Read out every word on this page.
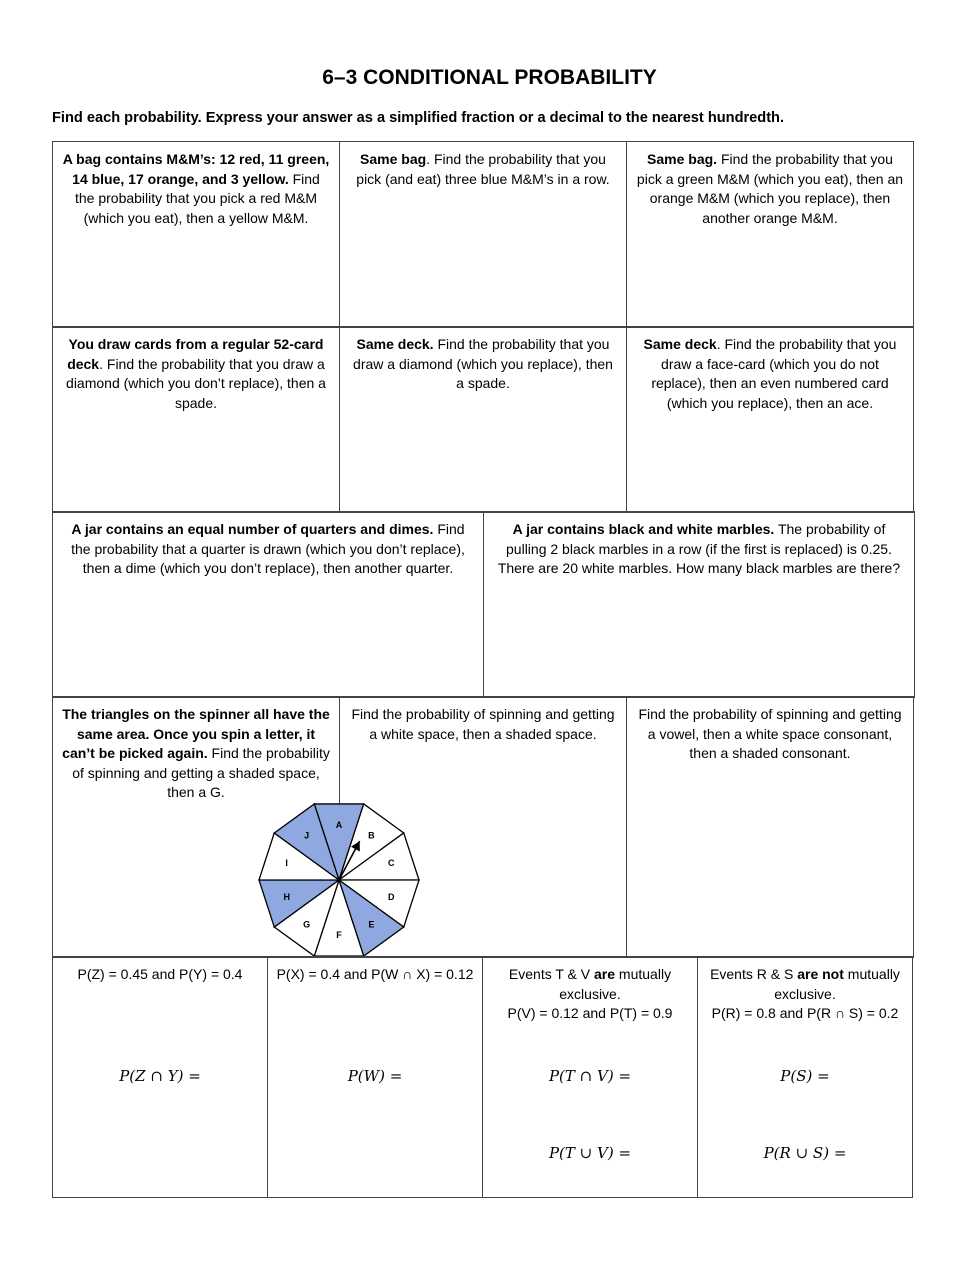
6–3 CONDITIONAL PROBABILITY
Find each probability. Express your answer as a simplified fraction or a decimal to the nearest hundredth.
A bag contains M&M’s: 12 red, 11 green, 14 blue, 17 orange, and 3 yellow. Find the probability that you pick a red M&M (which you eat), then a yellow M&M.
Same bag. Find the probability that you pick (and eat) three blue M&M’s in a row.
Same bag. Find the probability that you pick a green M&M (which you eat), then an orange M&M (which you replace), then another orange M&M.
You draw cards from a regular 52-card deck. Find the probability that you draw a diamond (which you don’t replace), then a spade.
Same deck. Find the probability that you draw a diamond (which you replace), then a spade.
Same deck. Find the probability that you draw a face-card (which you do not replace), then an even numbered card (which you replace), then an ace.
A jar contains an equal number of quarters and dimes. Find the probability that a quarter is drawn (which you don’t replace), then a dime (which you don’t replace), then another quarter.
A jar contains black and white marbles. The probability of pulling 2 black marbles in a row (if the first is replaced) is 0.25. There are 20 white marbles. How many black marbles are there?
The triangles on the spinner all have the same area. Once you spin a letter, it can’t be picked again. Find the probability of spinning and getting a shaded space, then a G.
Find the probability of spinning and getting a white space, then a shaded space.
Find the probability of spinning and getting a vowel, then a white space consonant, then a shaded consonant.
A
B
C
D
E
F
G
H
I
J
P(Z) = 0.45 and P(Y) = 0.4
P(Z ∩ Y) =
P(X) = 0.4 and P(W ∩ X) = 0.12
P(W) =
Events T & V are mutually exclusive.
P(V) = 0.12 and P(T) = 0.9
P(T ∩ V) =
P(T ∪ V) =
Events R & S are not mutually exclusive.
P(R) = 0.8 and P(R ∩ S) = 0.2
P(S) =
P(R ∪ S) =
